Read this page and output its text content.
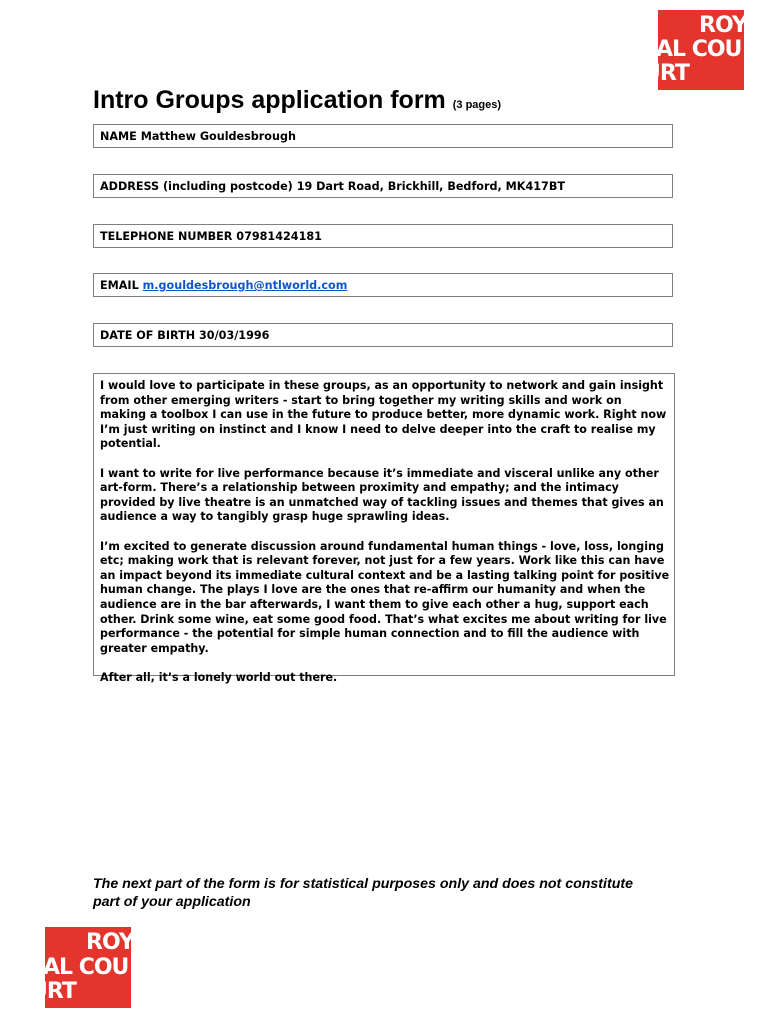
ROY
AL COU
URT
Intro Groups application form (3 pages)
NAME Matthew Gouldesbrough
ADDRESS (including postcode) 19 Dart Road, Brickhill, Bedford, MK417BT
TELEPHONE NUMBER 07981424181
EMAIL m.gouldesbrough@ntlworld.com
DATE OF BIRTH 30/03/1996

I would love to participate in these groups, as an opportunity to network and gain insight from other emerging writers - start to bring together my writing skills and work on making a toolbox I can use in the future to produce better, more dynamic work. Right now I’m just writing on instinct and I know I need to delve deeper into the craft to realise my potential.

I want to write for live performance because it’s immediate and visceral unlike any other art-form. There’s a relationship between proximity and empathy; and the intimacy provided by live theatre is an unmatched way of tackling issues and themes that gives an audience a way to tangibly grasp huge sprawling ideas.

I’m excited to generate discussion around fundamental human things - love, loss, longing etc; making work that is relevant forever, not just for a few years. Work like this can have an impact beyond its immediate cultural context and be a lasting talking point for positive human change. The plays I love are the ones that re-affirm our humanity and when the audience are in the bar afterwards, I want them to give each other a hug, support each other. Drink some wine, eat some good food. That’s what excites me about writing for live performance - the potential for simple human connection and to fill the audience with greater empathy.

After all, it’s a lonely world out there.

The next part of the form is for statistical purposes only and does not constitute part of your application
ROY
AL COU
URT
